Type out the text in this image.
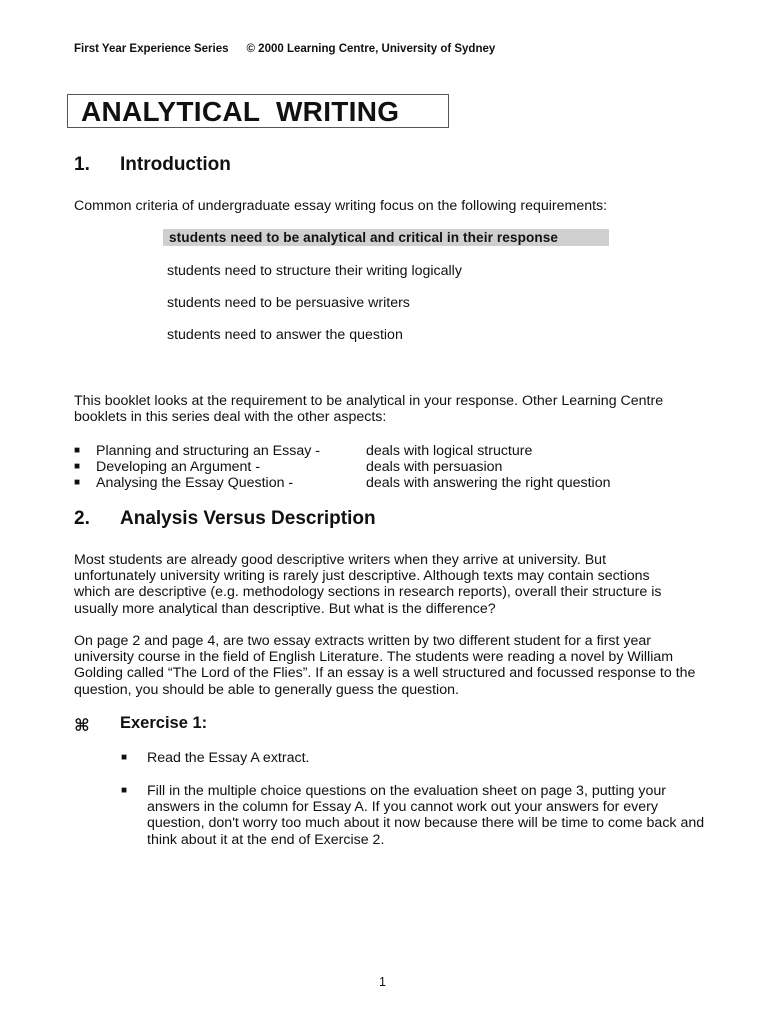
First Year Experience Series © 2000 Learning Centre, University of Sydney
ANALYTICAL  WRITING
1. Introduction
Common criteria of undergraduate essay writing focus on the following requirements:
students need to be analytical and critical in their response
students need to structure their writing logically
students need to be persuasive writers
students need to answer the question
This booklet looks at the requirement to be analytical in your response. Other Learning Centre booklets in this series deal with the other aspects:
■ Planning and structuring an Essay -	deals with logical structure
■ Developing an Argument -	deals with persuasion
■ Analysing the Essay Question -	deals with answering the right question
2. Analysis Versus Description
Most students are already good descriptive writers when they arrive at university. But unfortunately university writing is rarely just descriptive. Although texts may contain sections which are descriptive (e.g. methodology sections in research reports), overall their structure is usually more analytical than descriptive. But what is the difference?
On page 2 and page 4, are two essay extracts written by two different student for a first year university course in the field of English Literature. The students were reading a novel by William Golding called “The Lord of the Flies”. If an essay is a well structured and focussed response to the question, you should be able to generally guess the question.
⌘ Exercise 1:
■ Read the Essay A extract.
■ Fill in the multiple choice questions on the evaluation sheet on page 3, putting your answers in the column for Essay A. If you cannot work out your answers for every question, don't worry too much about it now because there will be time to come back and think about it at the end of Exercise 2.
1
